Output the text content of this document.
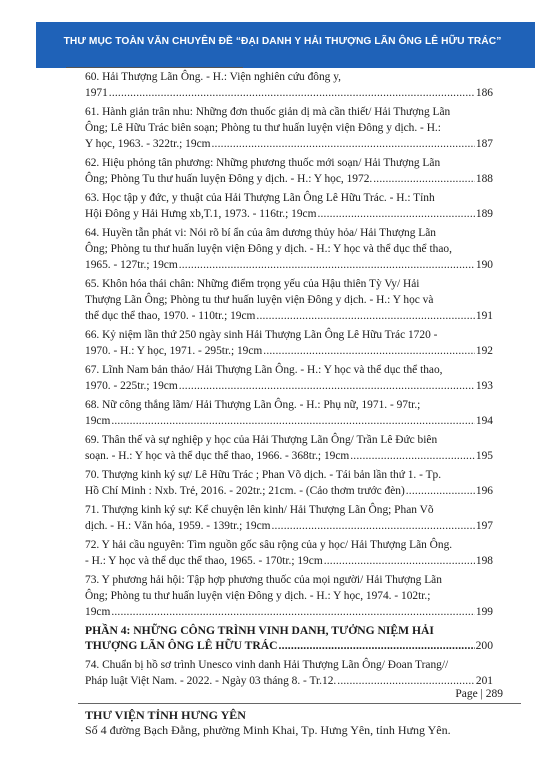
THƯ MỤC TOÀN VĂN CHUYÊN ĐỀ “ĐẠI DANH Y HẢI THƯỢNG LÃN ÔNG LÊ HỮU TRÁC”
60. Hải Thượng Lãn Ông. - H.: Viện nghiên cứu đông y,
1971 .....	186
61. Hành giản trân nhu: Những đơn thuốc giản dị mà cần thiết/ Hải Thượng Lãn
Ông; Lê Hữu Trác biên soạn; Phòng tu thư huấn luyện viện Đông y dịch. - H.:
Y học, 1963. - 322tr.; 19cm .....	187
62. Hiệu phỏng tân phương: Những phương thuốc mới soạn/ Hải Thượng Lãn
Ông; Phòng Tu thư huấn luyện Đông y dịch. - H.: Y học, 1972. .....	188
63. Học tập y đức, y thuật của Hải Thượng Lãn Ông Lê Hữu Trác. - H.: Tỉnh
Hội Đông y Hải Hưng xb,T.1, 1973. - 116tr.; 19cm .....	189
64. Huyền tẫn phát vi: Nói rõ bí ẩn của âm dương thủy hỏa/ Hải Thượng Lãn
Ông; Phòng tu thư huấn luyện viện Đông y dịch. - H.: Y học và thể dục thể thao,
1965. - 127tr.; 19cm .....	190
65. Khôn hóa thái chân: Những điểm trọng yếu của Hậu thiên Tỳ Vy/ Hải
Thượng Lãn Ông; Phòng tu thư huấn luyện viện Đông y dịch. - H.: Y học và
thể dục thể thao, 1970. - 110tr.; 19cm .....	191
66. Kỷ niệm lần thứ 250 ngày sinh Hải Thượng Lãn Ông Lê Hữu Trác 1720 -
1970. - H.: Y học, 1971. - 295tr.; 19cm .....	192
67. Lĩnh Nam bản thảo/ Hải Thượng Lãn Ông. - H.: Y học và thể dục thể thao,
1970. - 225tr.; 19cm .....	193
68. Nữ công thắng lãm/ Hải Thượng Lãn Ông. - H.: Phụ nữ, 1971. - 97tr.;
19cm .....	194
69. Thân thế và sự nghiệp y học của Hải Thượng Lãn Ông/ Trần Lê Đức biên
soạn. - H.: Y học và thể dục thể thao, 1966. - 368tr.; 19cm .....	195
70. Thượng kinh ký sự/ Lê Hữu Trác ; Phan Võ dịch. - Tái bản lần thứ 1. - Tp.
Hồ Chí Minh : Nxb. Trẻ, 2016. - 202tr.; 21cm. - (Cảo thơm trước đèn) .....	196
71. Thượng kinh ký sự: Kể chuyện lên kinh/ Hải Thượng Lãn Ông; Phan Võ
dịch. - H.: Văn hóa, 1959. - 139tr.; 19cm .....	197
72. Y hải cầu nguyên: Tìm nguồn gốc sâu rộng của y học/ Hải Thượng Lãn Ông.
- H.: Y học và thể dục thể thao, 1965. - 170tr.; 19cm .....	198
73. Y phương hải hội: Tập hợp phương thuốc của mọi người/ Hải Thượng Lãn
Ông; Phòng tu thư huấn luyện viện Đông y dịch. - H.: Y học, 1974. - 102tr.;
19cm .....	199
PHẦN 4: NHỮNG CÔNG TRÌNH VINH DANH, TƯỞNG NIỆM HẢI
THƯỢNG LÃN ÔNG LÊ HỮU TRÁC .....	200
74. Chuẩn bị hồ sơ trình Unesco vinh danh Hải Thượng Lãn Ông/ Đoan Trang//
Pháp luật Việt Nam. - 2022. - Ngày 03 tháng 8. - Tr.12. .....	201
Page | 289
THƯ VIỆN TỈNH HƯNG YÊN
Số 4 đường Bạch Đằng, phường Minh Khai, Tp. Hưng Yên, tỉnh Hưng Yên.
